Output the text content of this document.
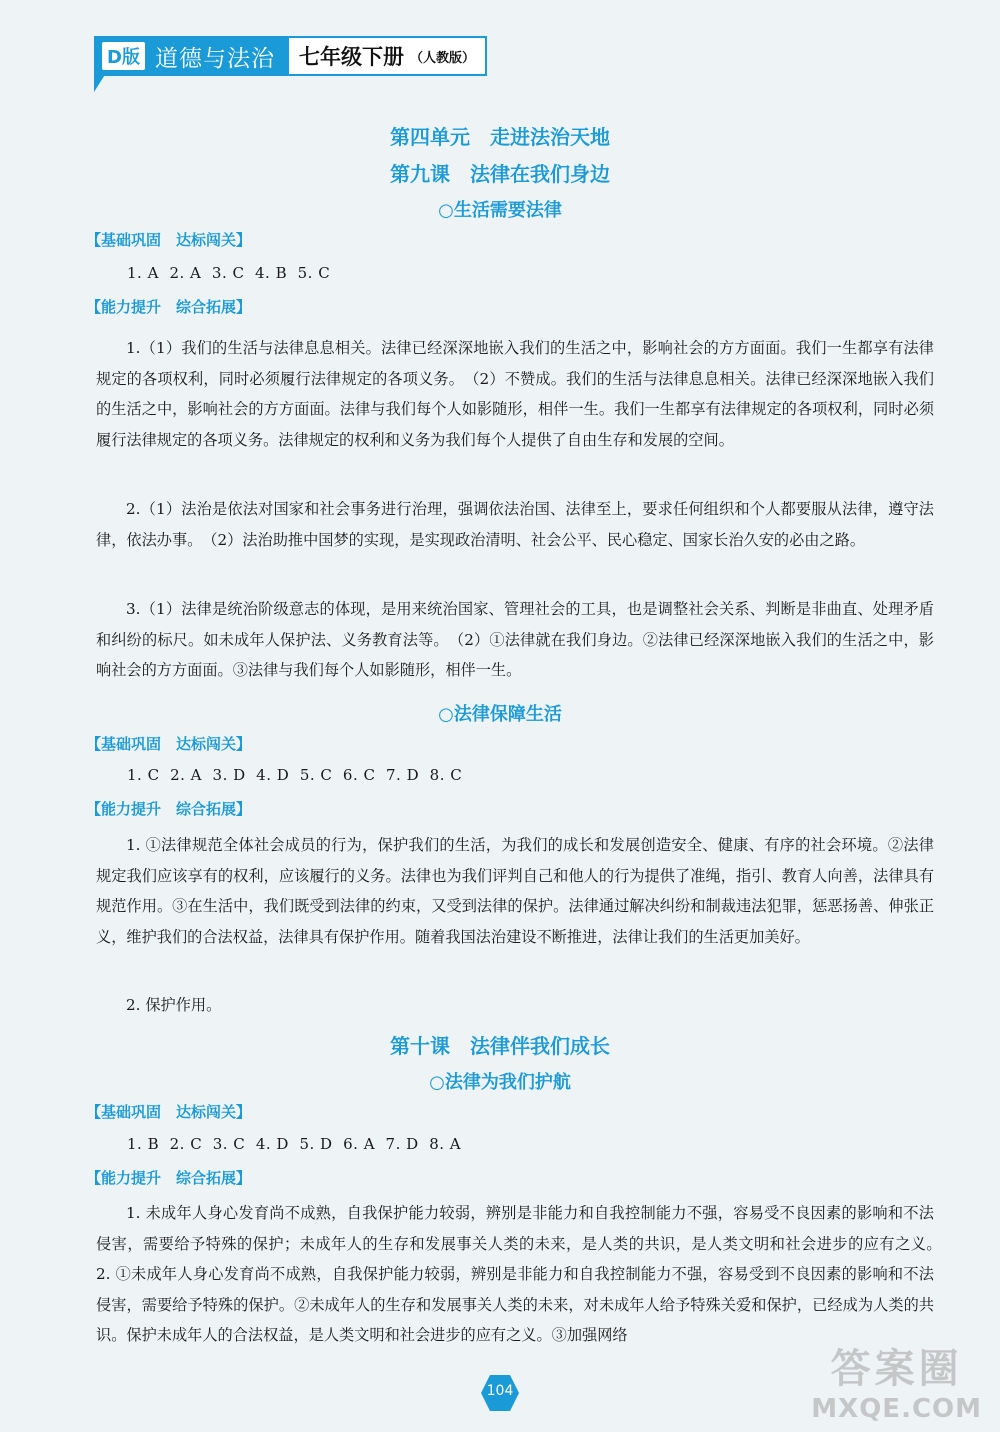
D版 道德与法治 七年级下册 （人教版）
第四单元　走进法治天地
第九课　法律在我们身边
○生活需要法律
【基础巩固　达标闯关】
1. A  2. A  3. C  4. B  5. C
【能力提升　综合拓展】
1.（1）我们的生活与法律息息相关。法律已经深深地嵌入我们的生活之中，影响社会的方方面面。我们一生都享有法律规定的各项权利，同时必须履行法律规定的各项义务。　（2）不赞成。我们的生活与法律息息相关。法律已经深深地嵌入我们的生活之中，影响社会的方方面面。法律与我们每个人如影随形，相伴一生。我们一生都享有法律规定的各项权利，同时必须履行法律规定的各项义务。法律规定的权利和义务为我们每个人提供了自由生存和发展的空间。
2.（1）法治是依法对国家和社会事务进行治理，强调依法治国、法律至上，要求任何组织和个人都要服从法律，遵守法律，依法办事。　（2）法治助推中国梦的实现，是实现政治清明、社会公平、民心稳定、国家长治久安的必由之路。
3.（1）法律是统治阶级意志的体现，是用来统治国家、管理社会的工具，也是调整社会关系、判断是非曲直、处理矛盾和纠纷的标尺。如未成年人保护法、义务教育法等。　（2）①法律就在我们身边。②法律已经深深地嵌入我们的生活之中，影响社会的方方面面。③法律与我们每个人如影随形，相伴一生。
○法律保障生活
【基础巩固　达标闯关】
1. C  2. A  3. D  4. D  5. C  6. C  7. D  8. C
【能力提升　综合拓展】
1. ①法律规范全体社会成员的行为，保护我们的生活，为我们的成长和发展创造安全、健康、有序的社会环境。②法律规定我们应该享有的权利，应该履行的义务。法律也为我们评判自己和他人的行为提供了准绳，指引、教育人向善，法律具有规范作用。③在生活中，我们既受到法律的约束，又受到法律的保护。法律通过解决纠纷和制裁违法犯罪，惩恶扬善、伸张正义，维护我们的合法权益，法律具有保护作用。随着我国法治建设不断推进，法律让我们的生活更加美好。
2. 保护作用。
第十课　法律伴我们成长
○法律为我们护航
【基础巩固　达标闯关】
1. B  2. C  3. C  4. D  5. D  6. A  7. D  8. A
【能力提升　综合拓展】
1. 未成年人身心发育尚不成熟，自我保护能力较弱，辨别是非能力和自我控制能力不强，容易受不良因素的影响和不法侵害，需要给予特殊的保护；未成年人的生存和发展事关人类的未来，是人类的共识，是人类文明和社会进步的应有之义。　2. ①未成年人身心发育尚不成熟，自我保护能力较弱，辨别是非能力和自我控制能力不强，容易受到不良因素的影响和不法侵害，需要给予特殊的保护。②未成年人的生存和发展事关人类的未来，对未成年人给予特殊关爱和保护，已经成为人类的共识。保护未成年人的合法权益，是人类文明和社会进步的应有之义。③加强网络
104	答案圈
MXQE.COM
